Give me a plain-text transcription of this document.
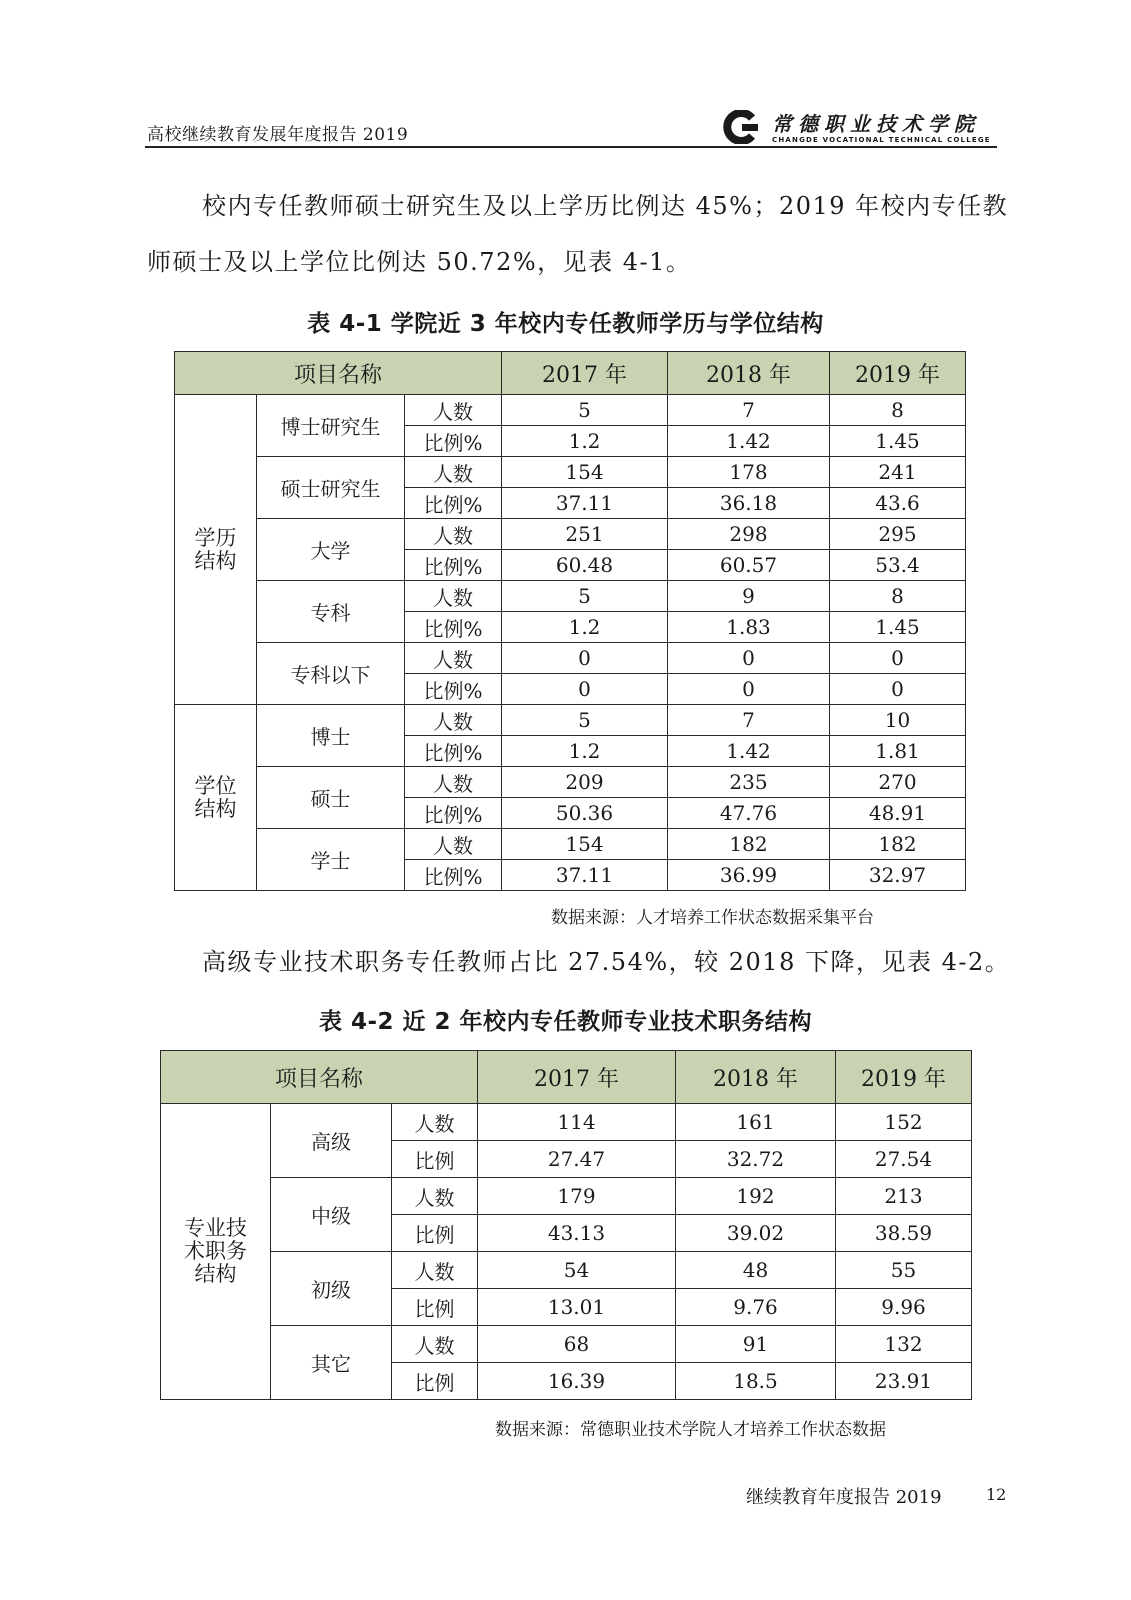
高校继续教育发展年度报告 2019	常德职业技术学院
CHANGDE VOCATIONAL TECHNICAL COLLEGE
校内专任教师硕士研究生及以上学历比例达 45%；2019 年校内专任教
师硕士及以上学位比例达 50.72%，见表 4-1。
表 4-1 学院近 3 年校内专任教师学历与学位结构
项目名称			2017 年	2018 年	2019 年
学历结构	博士研究生	人数	5	7	8
		比例%	1.2	1.42	1.45
	硕士研究生	人数	154	178	241
		比例%	37.11	36.18	43.6
	大学	人数	251	298	295
		比例%	60.48	60.57	53.4
	专科	人数	5	9	8
		比例%	1.2	1.83	1.45
	专科以下	人数	0	0	0
		比例%	0	0	0
学位结构	博士	人数	5	7	10
		比例%	1.2	1.42	1.81
	硕士	人数	209	235	270
		比例%	50.36	47.76	48.91
	学士	人数	154	182	182
		比例%	37.11	36.99	32.97
数据来源：人才培养工作状态数据采集平台
高级专业技术职务专任教师占比 27.54%，较 2018 下降，见表 4-2。
表 4-2 近 2 年校内专任教师专业技术职务结构
项目名称			2017 年	2018 年	2019 年
专业技术职务结构	高级	人数	114	161	152
		比例	27.47	32.72	27.54
	中级	人数	179	192	213
		比例	43.13	39.02	38.59
	初级	人数	54	48	55
		比例	13.01	9.76	9.96
	其它	人数	68	91	132
		比例	16.39	18.5	23.91
数据来源：常德职业技术学院人才培养工作状态数据
继续教育年度报告 2019	12
